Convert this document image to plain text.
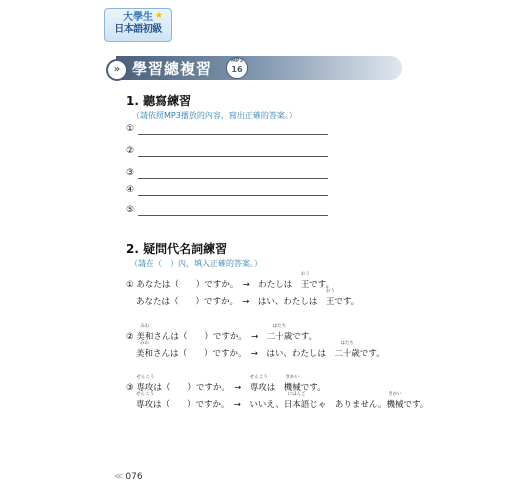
★
大學生
日本語初級
» 學習總複習	MP3
16
1. 聽寫練習
（請依照MP3播放的內容，寫出正確的答案。）
①
②
③
④
⑤
2. 疑問代名詞練習
（請在（　）內，填入正確的答案。）
① あなたは（　　）ですか。　→　わたしは　
おう
王です。
あなたは（　　）ですか。　→　はい、わたしは　
おう
王です。
②
みわ
美和さんは（　　）ですか。　→　
はたち
二十歳です。
みわ
美和さんは（　　）ですか。　→　はい、わたしは　
はたち
二十歳です。
③
せんこう
専攻は（　　）ですか。　→　
せんこう
専攻は　
きかい
機械です。
せんこう
専攻は（　　）ですか。　→　いいえ、
にほんご
日本語じゃ　ありません。
きかい
機械です。
≪ 076
